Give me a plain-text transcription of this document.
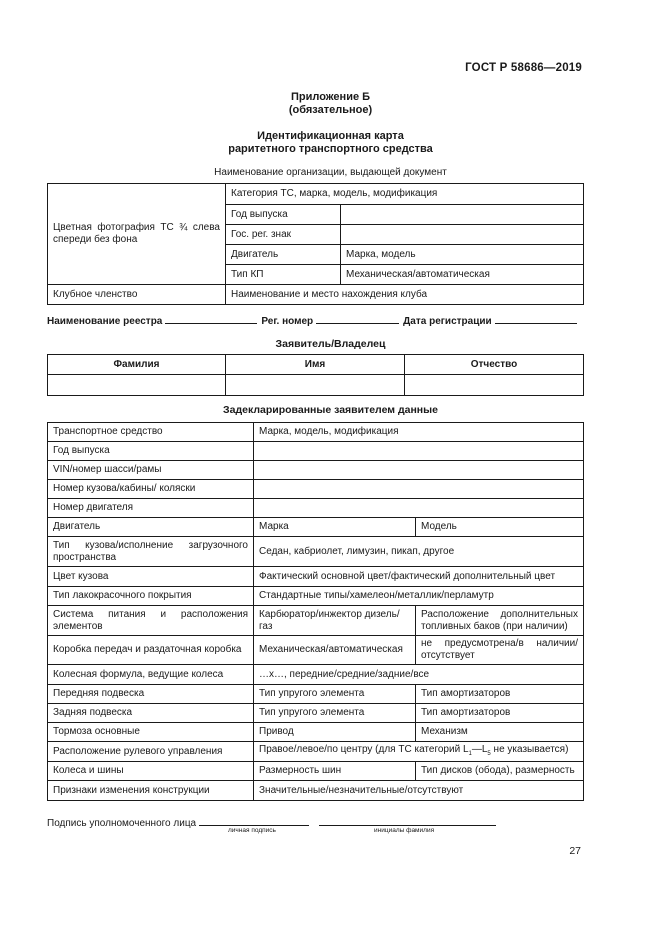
ГОСТ Р 58686—2019
Приложение Б
(обязательное)
Идентификационная карта
раритетного транспортного средства
Наименование организации, выдающей документ
Цветная фотография ТС ¾ слева спереди без фона	Категория ТС, марка, модель, модификация	
	Год выпуска	
	Гос. рег. знак	
	Двигатель	Марка, модель
	Тип КП	Механическая/автоматическая
Клубное членство	Наименование и место нахождения клуба	
Наименование реестра	Рег. номер	Дата регистрации
Заявитель/Владелец
Фамилия	Имя	Отчество

Задекларированные заявителем данные
Транспортное средство	Марка, модель, модификация	
Год выпуска		
VIN/номер шасси/рамы		
Номер кузова/кабины/ коляски		
Номер двигателя		
Двигатель	Марка	Модель
Тип кузова/исполнение загрузочного пространства	Седан, кабриолет, лимузин, пикап, другое	
Цвет кузова	Фактический основной цвет/фактический дополнительный цвет	
Тип лакокрасочного покрытия	Стандартные типы/хамелеон/металлик/перламутр	
Система питания и расположения элементов	Карбюратор/инжектор дизель/газ	Расположение дополнительных топливных баков (при наличии)
Коробка передач и раздаточная коробка	Механическая/автоматическая	не предусмотрена/в наличии/ отсутствует
Колесная формула, ведущие колеса	…х…, передние/средние/задние/все	
Передняя подвеска	Тип упругого элемента	Тип амортизаторов
Задняя подвеска	Тип упругого элемента	Тип амортизаторов
Тормоза основные	Привод	Механизм
Расположение рулевого управления	Правое/левое/по центру (для ТС категорий $L_1—L_5$ не указывается)	
Колеса и шины	Размерность шин	Тип дисков (обода), размерность
Признаки изменения конструкции	Значительные/незначительные/отсутствуют	
Подпись уполномоченного лица
личная подпись	инициалы фамилия
27
